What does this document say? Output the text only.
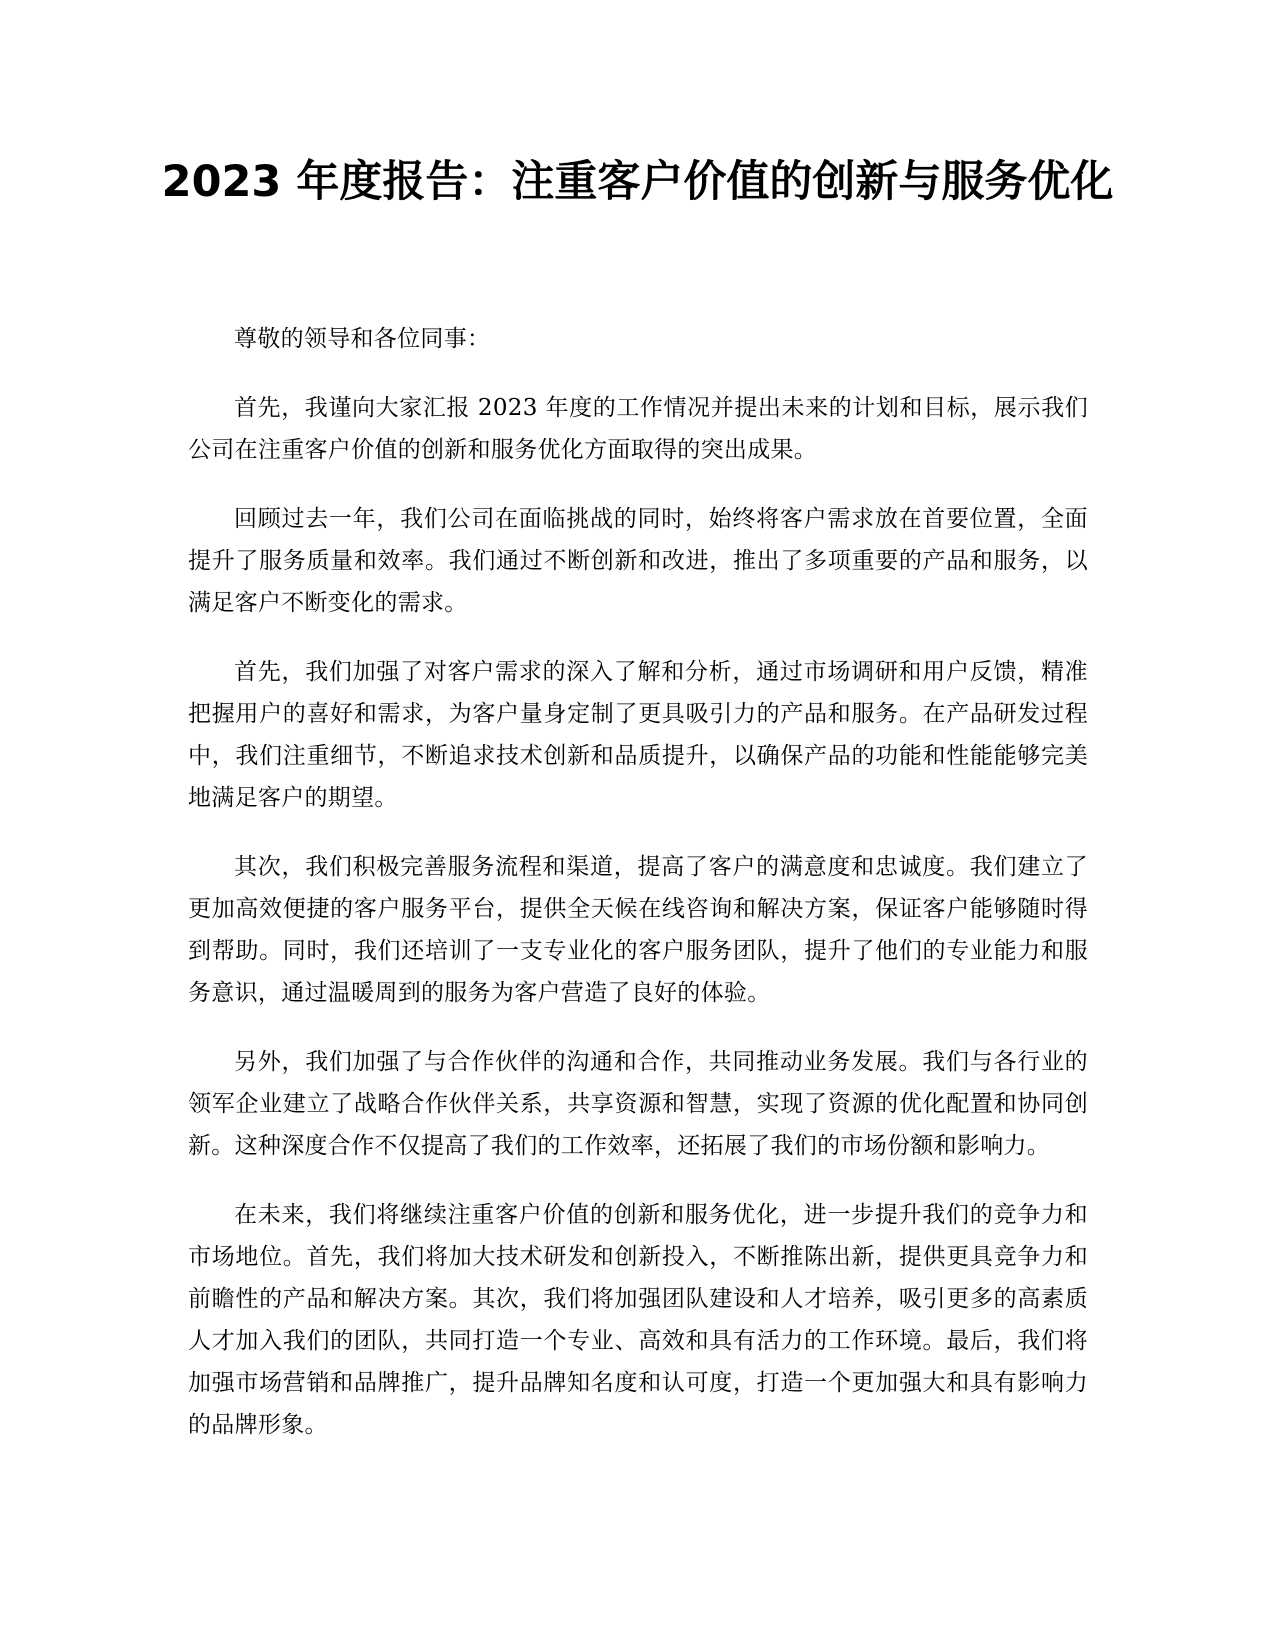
2023 年度报告：注重客户价值的创新与服务优化

尊敬的领导和各位同事：

首先，我谨向大家汇报 2023 年度的工作情况并提出未来的计划和目标，展示我们公司在注重客户价值的创新和服务优化方面取得的突出成果。

回顾过去一年，我们公司在面临挑战的同时，始终将客户需求放在首要位置，全面提升了服务质量和效率。我们通过不断创新和改进，推出了多项重要的产品和服务，以满足客户不断变化的需求。

首先，我们加强了对客户需求的深入了解和分析，通过市场调研和用户反馈，精准把握用户的喜好和需求，为客户量身定制了更具吸引力的产品和服务。在产品研发过程中，我们注重细节，不断追求技术创新和品质提升，以确保产品的功能和性能能够完美地满足客户的期望。

其次，我们积极完善服务流程和渠道，提高了客户的满意度和忠诚度。我们建立了更加高效便捷的客户服务平台，提供全天候在线咨询和解决方案，保证客户能够随时得到帮助。同时，我们还培训了一支专业化的客户服务团队，提升了他们的专业能力和服务意识，通过温暖周到的服务为客户营造了良好的体验。

另外，我们加强了与合作伙伴的沟通和合作，共同推动业务发展。我们与各行业的领军企业建立了战略合作伙伴关系，共享资源和智慧，实现了资源的优化配置和协同创新。这种深度合作不仅提高了我们的工作效率，还拓展了我们的市场份额和影响力。

在未来，我们将继续注重客户价值的创新和服务优化，进一步提升我们的竞争力和市场地位。首先，我们将加大技术研发和创新投入，不断推陈出新，提供更具竞争力和前瞻性的产品和解决方案。其次，我们将加强团队建设和人才培养，吸引更多的高素质人才加入我们的团队，共同打造一个专业、高效和具有活力的工作环境。最后，我们将加强市场营销和品牌推广，提升品牌知名度和认可度，打造一个更加强大和具有影响力的品牌形象。
